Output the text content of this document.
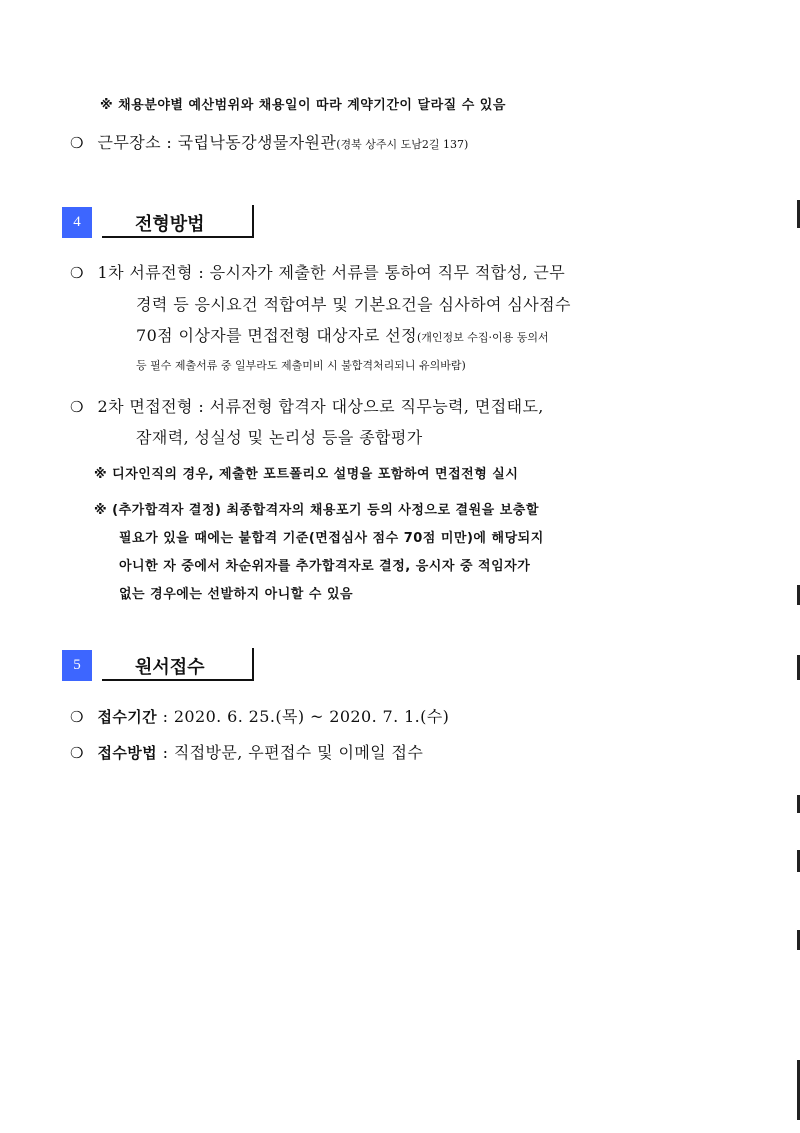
※ 채용분야별 예산범위와 채용일이 따라 계약기간이 달라질 수 있음
❍ 근무장소 : 국립낙동강생물자원관(경북 상주시 도남2길 137)
4	전형방법
❍ 1차 서류전형 : 응시자가 제출한 서류를 통하여 직무 적합성, 근무
경력 등 응시요건 적합여부 및 기본요건을 심사하여 심사점수
70점 이상자를 면접전형 대상자로 선정(개인정보 수집·이용 동의서
등 필수 제출서류 중 일부라도 제출미비 시 불합격처리되니 유의바람)
❍ 2차 면접전형 : 서류전형 합격자 대상으로 직무능력, 면접태도,
잠재력, 성실성 및 논리성 등을 종합평가
※ 디자인직의 경우, 제출한 포트폴리오 설명을 포함하여 면접전형 실시
※ (추가합격자 결정) 최종합격자의 채용포기 등의 사정으로 결원을 보충할
필요가 있을 때에는 불합격 기준(면접심사 점수 70점 미만)에 해당되지
아니한 자 중에서 차순위자를 추가합격자로 결정, 응시자 중 적임자가
없는 경우에는 선발하지 아니할 수 있음
5	원서접수
❍ 접수기간 : 2020. 6. 25.(목) ~ 2020. 7. 1.(수)
❍ 접수방법 : 직접방문, 우편접수 및 이메일 접수
